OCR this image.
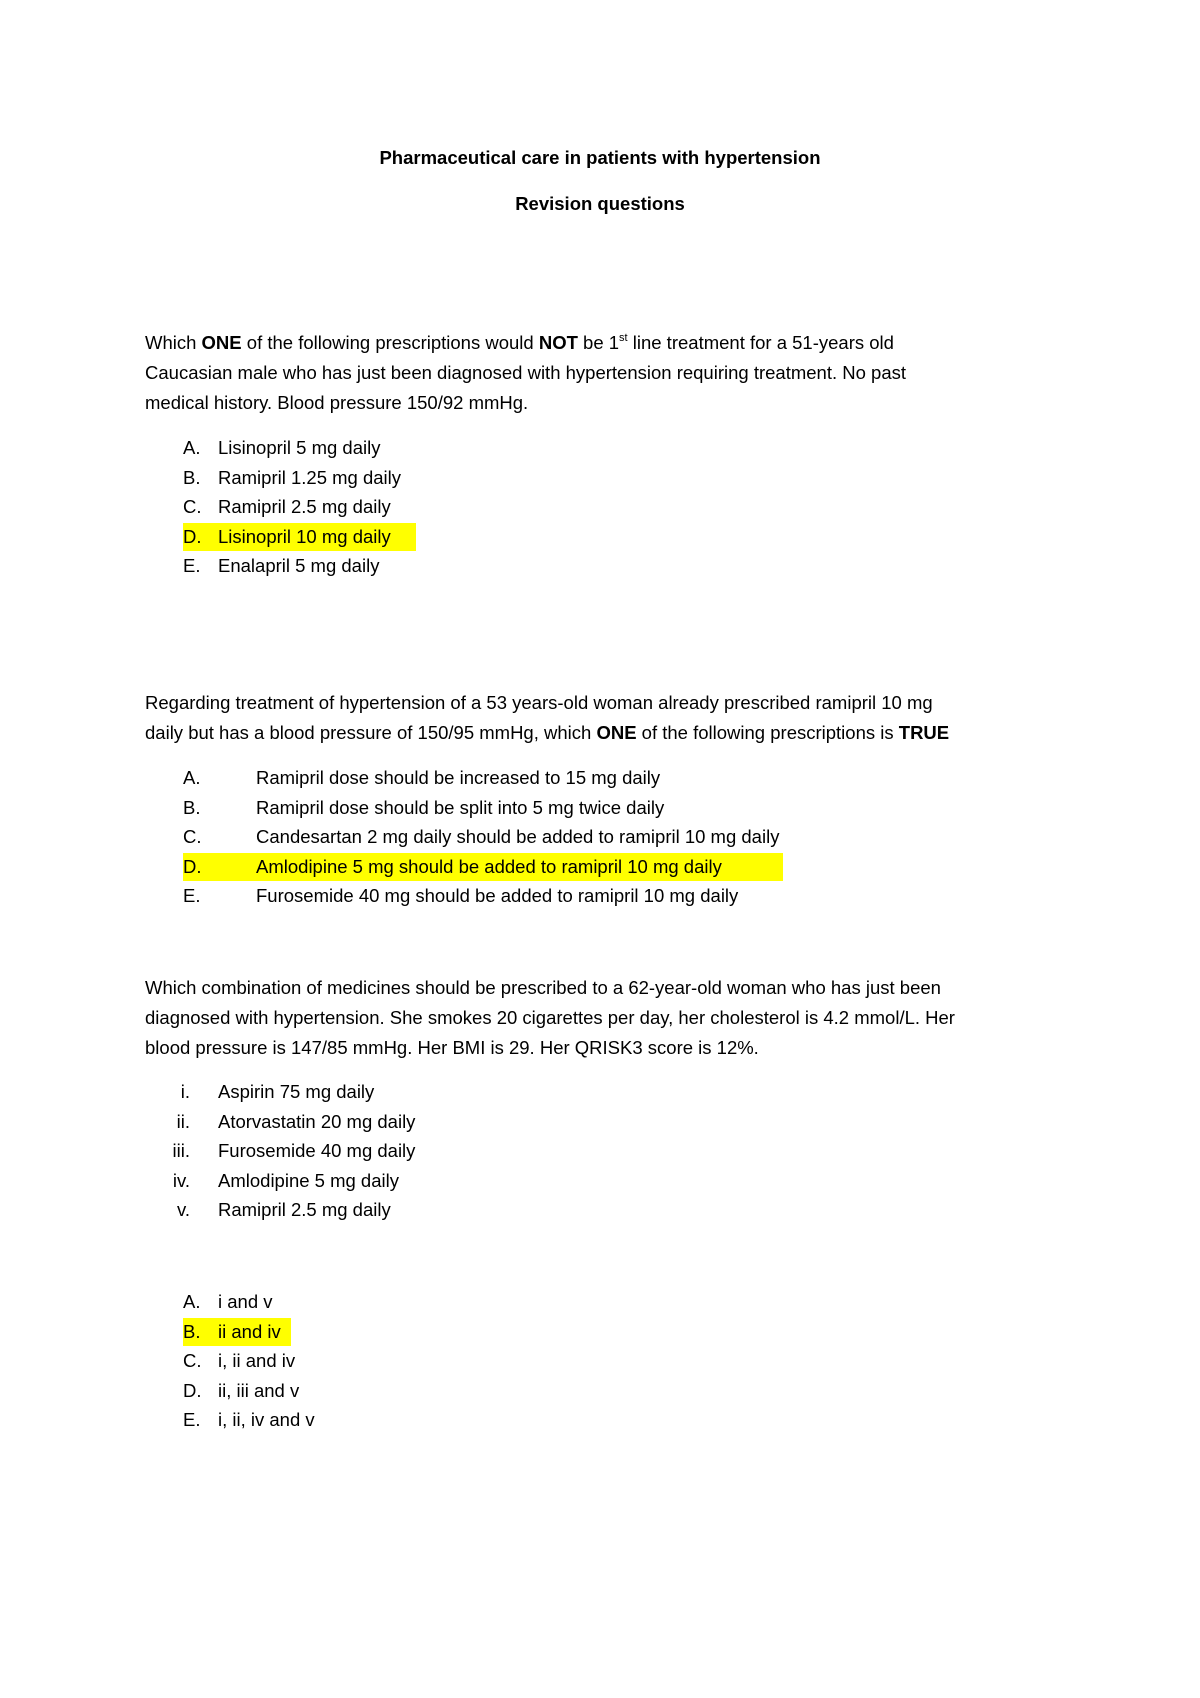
Pharmaceutical care in patients with hypertension
Revision questions
Which ONE of the following prescriptions would NOT be 1st line treatment for a 51-years old
Caucasian male who has just been diagnosed with hypertension requiring treatment. No past
medical history. Blood pressure 150/92 mmHg.
A. Lisinopril 5 mg daily
B. Ramipril 1.25 mg daily
C. Ramipril 2.5 mg daily
D. Lisinopril 10 mg daily
E. Enalapril 5 mg daily
Regarding treatment of hypertension of a 53 years-old woman already prescribed ramipril 10 mg
daily but has a blood pressure of 150/95 mmHg, which ONE of the following prescriptions is TRUE
A.	Ramipril dose should be increased to 15 mg daily
B.	Ramipril dose should be split into 5 mg twice daily
C.	Candesartan 2 mg daily should be added to ramipril 10 mg daily
D.	Amlodipine 5 mg should be added to ramipril 10 mg daily
E.	Furosemide 40 mg should be added to ramipril 10 mg daily
Which combination of medicines should be prescribed to a 62-year-old woman who has just been
diagnosed with hypertension. She smokes 20 cigarettes per day, her cholesterol is 4.2 mmol/L. Her
blood pressure is 147/85 mmHg. Her BMI is 29. Her QRISK3 score is 12%.
i. Aspirin 75 mg daily
ii. Atorvastatin 20 mg daily
iii. Furosemide 40 mg daily
iv. Amlodipine 5 mg daily
v. Ramipril 2.5 mg daily
A. i and v
B. ii and iv
C. i, ii and iv
D. ii, iii and v
E. i, ii, iv and v
